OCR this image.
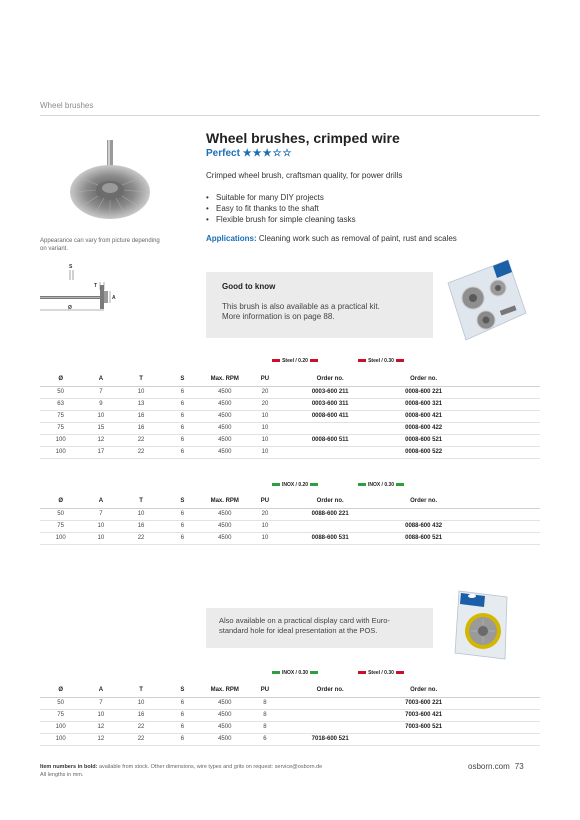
Wheel brushes
Appearance can vary from picture depending on variant.
S
T
A
Ø
Wheel brushes, crimped wire
Perfect ★★★☆☆
Crimped wheel brush, craftsman quality, for power drills
• Suitable for many DIY projects
• Easy to fit thanks to the shaft
• Flexible brush for simple cleaning tasks
Applications: Cleaning work such as removal of paint, rust and scales
Good to know
This brush is also available as a practical kit.
More information is on page 88.
Steel / 0.20	Steel / 0.30
Ø	A	T	S	Max. RPM	PU	Order no.	Order no.	
50	7	10	6	4500	20	0003-600 211	0008-600 221	
63	9	13	6	4500	20	0003-600 311	0008-600 321	
75	10	16	6	4500	10	0008-600 411	0008-600 421	
75	15	16	6	4500	10		0008-600 422	
100	12	22	6	4500	10	0008-600 511	0008-600 521	
100	17	22	6	4500	10		0008-600 522	
INOX / 0.20	INOX / 0.30
Ø	A	T	S	Max. RPM	PU	Order no.	Order no.	
50	7	10	6	4500	20	0088-600 221		
75	10	16	6	4500	10		0088-600 432	
100	10	22	6	4500	10	0088-600 531	0088-600 521	
Also available on a practical display card with Euro-
standard hole for ideal presentation at the POS.
INOX / 0.30	Steel / 0.30
Ø	A	T	S	Max. RPM	PU	Order no.	Order no.	
50	7	10	6	4500	8		7003-600 221	
75	10	16	6	4500	8		7003-600 421	
100	12	22	6	4500	8		7003-600 521	
100	12	22	6	4500	6	7018-600 521		
Item numbers in bold: available from stock. Other dimensions, wire types and grits on request: service@osborn.de
All lengths in mm.
osborn.com 73
